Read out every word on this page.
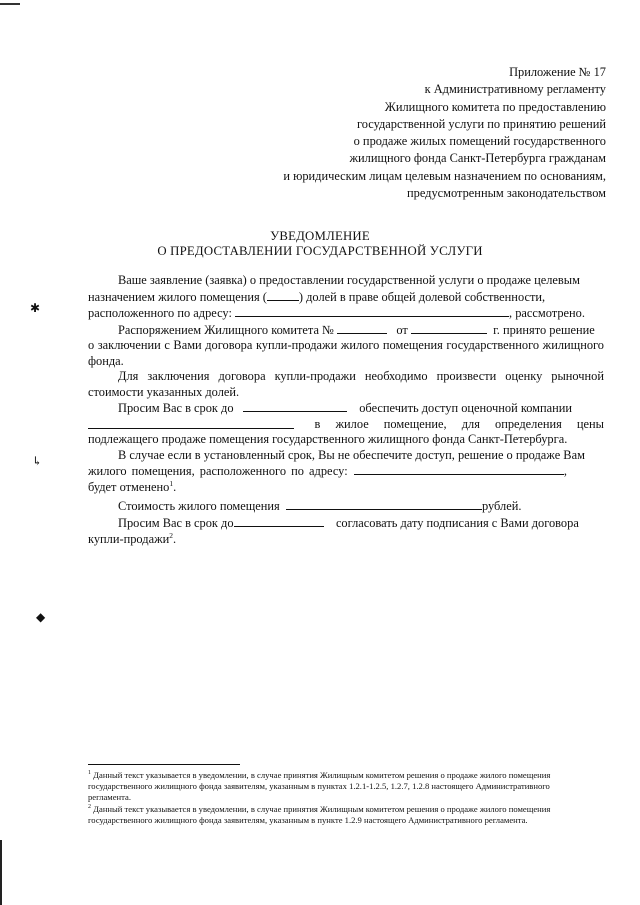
Приложение № 17
к Административному регламенту
Жилищного комитета по предоставлению
государственной услуги по принятию решений
о продаже жилых помещений государственного
жилищного фонда Санкт-Петербурга гражданам
и юридическим лицам целевым назначением по основаниям,
предусмотренным законодательством
УВЕДОМЛЕНИЕ
О ПРЕДОСТАВЛЕНИИ ГОСУДАРСТВЕННОЙ УСЛУГИ
Ваше заявление (заявка) о предоставлении государственной услуги о продаже целевым
назначением жилого помещения (	) долей в праве общей долевой собственности,
расположенного по адресу:	, рассмотрено.
Распоряжением Жилищного комитета №	от	г. принято решение
о заключении с Вами договора купли-продажи жилого помещения государственного жилищного фонда.
Для заключения договора купли-продажи необходимо произвести оценку рыночной стоимости указанных долей.
Просим Вас в срок до	обеспечить доступ оценочной компании
в жилое помещение, для определения цены
подлежащего продаже помещения государственного жилищного фонда Санкт-Петербурга.
В случае если в установленный срок, Вы не обеспечите доступ, решение о продаже Вам
жилого помещения, расположенного по адресу:	,
будет отменено$^1$.
Стоимость жилого помещения	рублей.
Просим Вас в срок до	согласовать дату подписания с Вами договора
купли-продажи$^2$.
✱
↳
◆
$^1$ Данный текст указывается в уведомлении, в случае принятия Жилищным комитетом решения о продаже жилого помещения государственного жилищного фонда заявителям, указанным в пунктах 1.2.1-1.2.5, 1.2.7, 1.2.8 настоящего Административного регламента.
$^2$ Данный текст указывается в уведомлении, в случае принятия Жилищным комитетом решения о продаже жилого помещения государственного жилищного фонда заявителям, указанным в пункте 1.2.9 настоящего Административного регламента.
